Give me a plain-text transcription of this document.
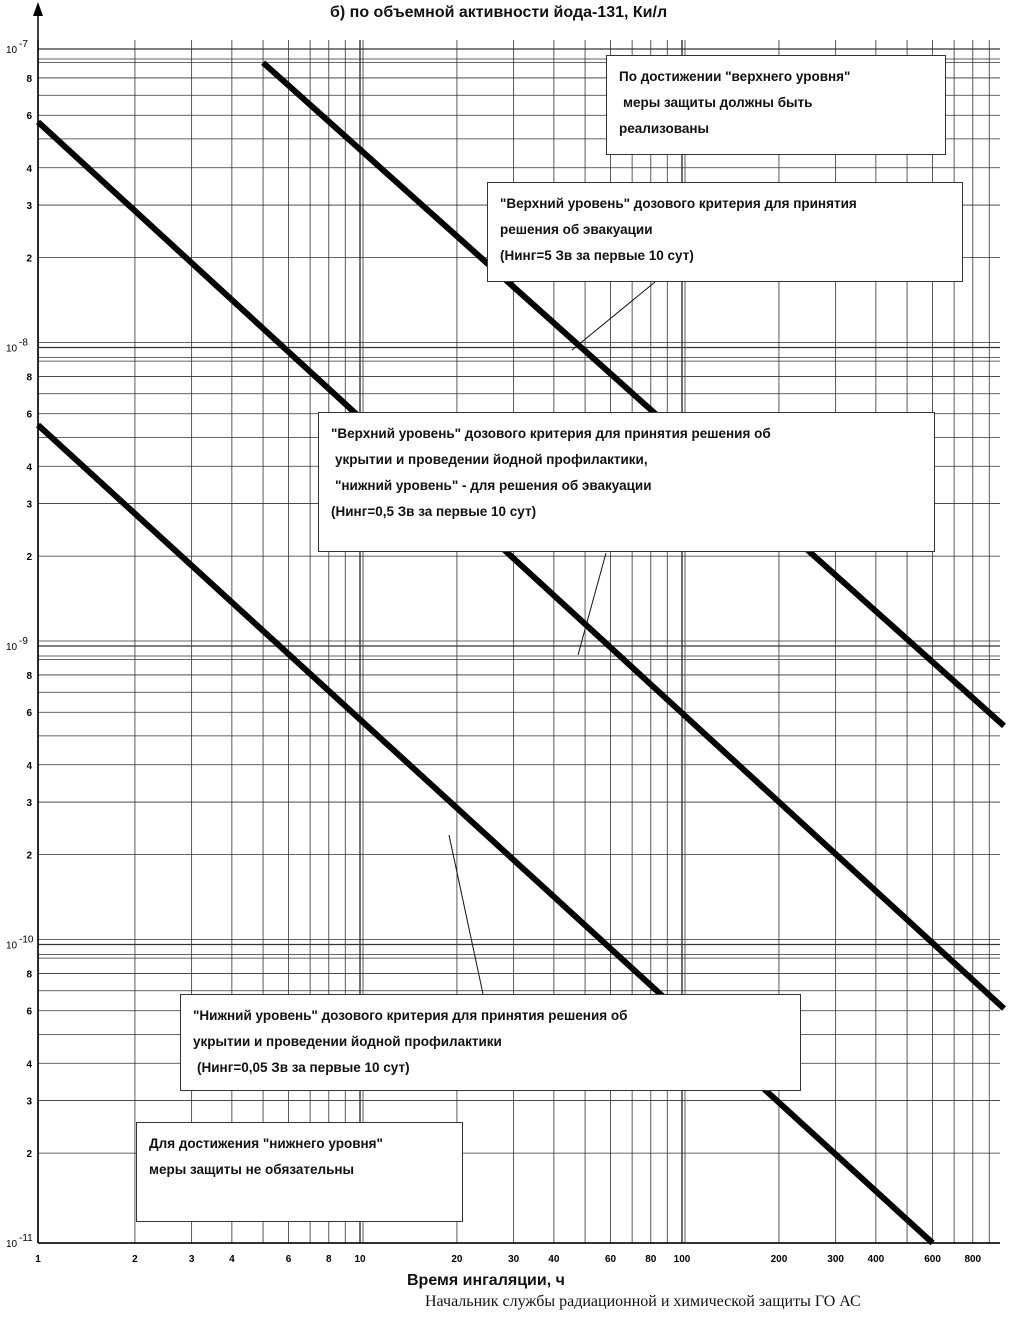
1	2	3	4	6	8 10	20	30	40	60	80 100	200	300 400	600 800
10
-7
10
-8
10
-9
10
-10
10
-11
8
6
4
3
2
8
6
4
3
2
8
6
4
3
2
8
6
4
3
2
б) по объемной активности йода-131, Ки/л
По достижении "верхнего уровня"
меры защиты должны быть
реализованы
"Верхний уровень" дозового критерия для принятия
решения об эвакуации
(Нинг=5 Зв за первые 10 сут)
"Верхний уровень" дозового критерия для принятия решения об
укрытии и проведении йодной профилактики,
"нижний уровень" - для решения об эвакуации
(Нинг=0,5 Зв за первые 10 сут)
"Нижний уровень" дозового критерия для принятия решения об
укрытии и проведении йодной профилактики
(Нинг=0,05 Зв за первые 10 сут)
Для достижения "нижнего уровня"
меры защиты не обязательны
Время ингаляции, ч
Начальник службы радиационной и химической защиты ГО АС
